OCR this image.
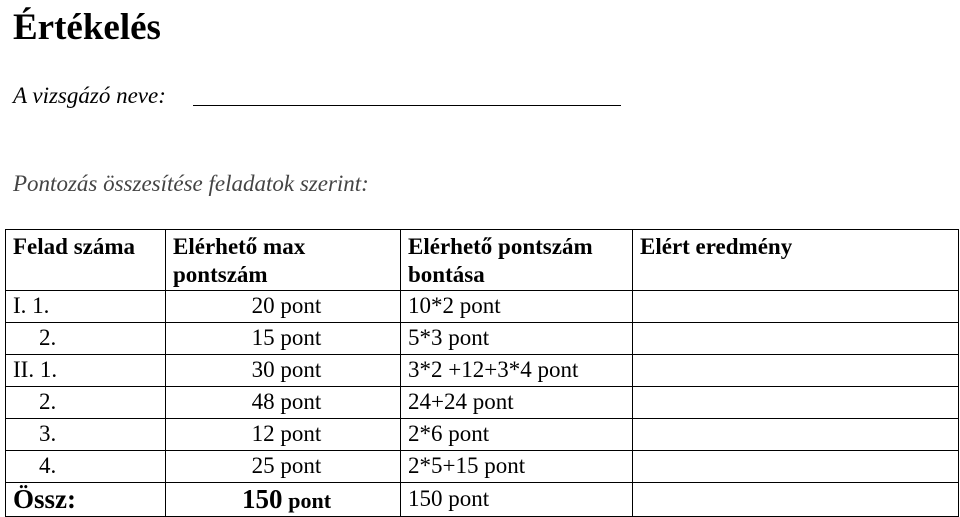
Értékelés
A vizsgázó neve:
Pontozás összesítése feladatok szerint:
Felad száma	Elérhető max pontszám	Elérhető pontszám bontása	Elért eredmény
I. 1.	20 pont	10*2 pont	
2.	15 pont	5*3 pont	
II. 1.	30 pont	3*2 +12+3*4 pont	
2.	48 pont	24+24 pont	
3.	12 pont	2*6 pont	
4.	25 pont	2*5+15 pont	
Össz:	150 pont	150 pont	
